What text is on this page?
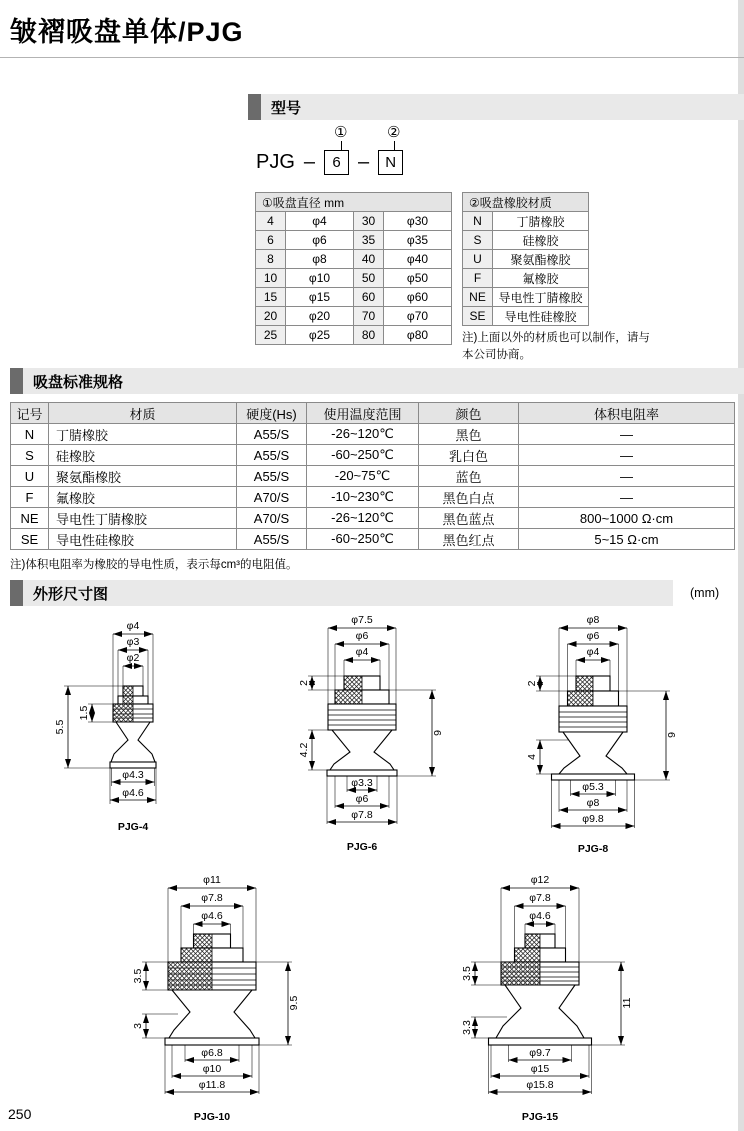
皱褶吸盘单体/PJG
型号
①	②
PJG –	6 –	N
①吸盘直径 mm			
4	φ4	30	φ30
6	φ6	35	φ35
8	φ8	40	φ40
10	φ10	50	φ50
15	φ15	60	φ60
20	φ20	70	φ70
25	φ25	80	φ80
②吸盘橡胶材质	
N	丁腈橡胶
S	硅橡胶
U	聚氨酯橡胶
F	氟橡胶
NE	导电性丁腈橡胶
SE	导电性硅橡胶
注)上面以外的材质也可以制作，请与本公司协商。
吸盘标准规格
记号	材质	硬度(Hs)	使用温度范围	颜色	体积电阻率
N	丁腈橡胶	A55/S	-26~120℃	黑色	—
S	硅橡胶	A55/S	-60~250℃	乳白色	—
U	聚氨酯橡胶	A55/S	-20~75℃	蓝色	—
F	氟橡胶	A70/S	-10~230℃	黑色白点	—
NE	导电性丁腈橡胶	A70/S	-26~120℃	黑色蓝点	800~1000 Ω·cm
SE	导电性硅橡胶	A55/S	-60~250℃	黑色红点	5~15 Ω·cm
注)体积电阻率为橡胶的导电性质，表示每cm³的电阻值。
外形尺寸图	(mm)
φ4
φ3
φ2
1.5
5.5
φ4.3
φ4.6
PJG-4
φ7.5
φ6
φ4
2
4.2
9
φ3.3
φ6
φ7.8
PJG-6
φ8
φ6
φ4
2
4
9
φ5.3
φ8
φ9.8
PJG-8
φ11
φ7.8
φ4.6
3.5
3
9.5
φ6.8
φ10
φ11.8
PJG-10
φ12
φ7.8
φ4.6
3.5
3.3
11
φ9.7
φ15
φ15.8
PJG-15
250
